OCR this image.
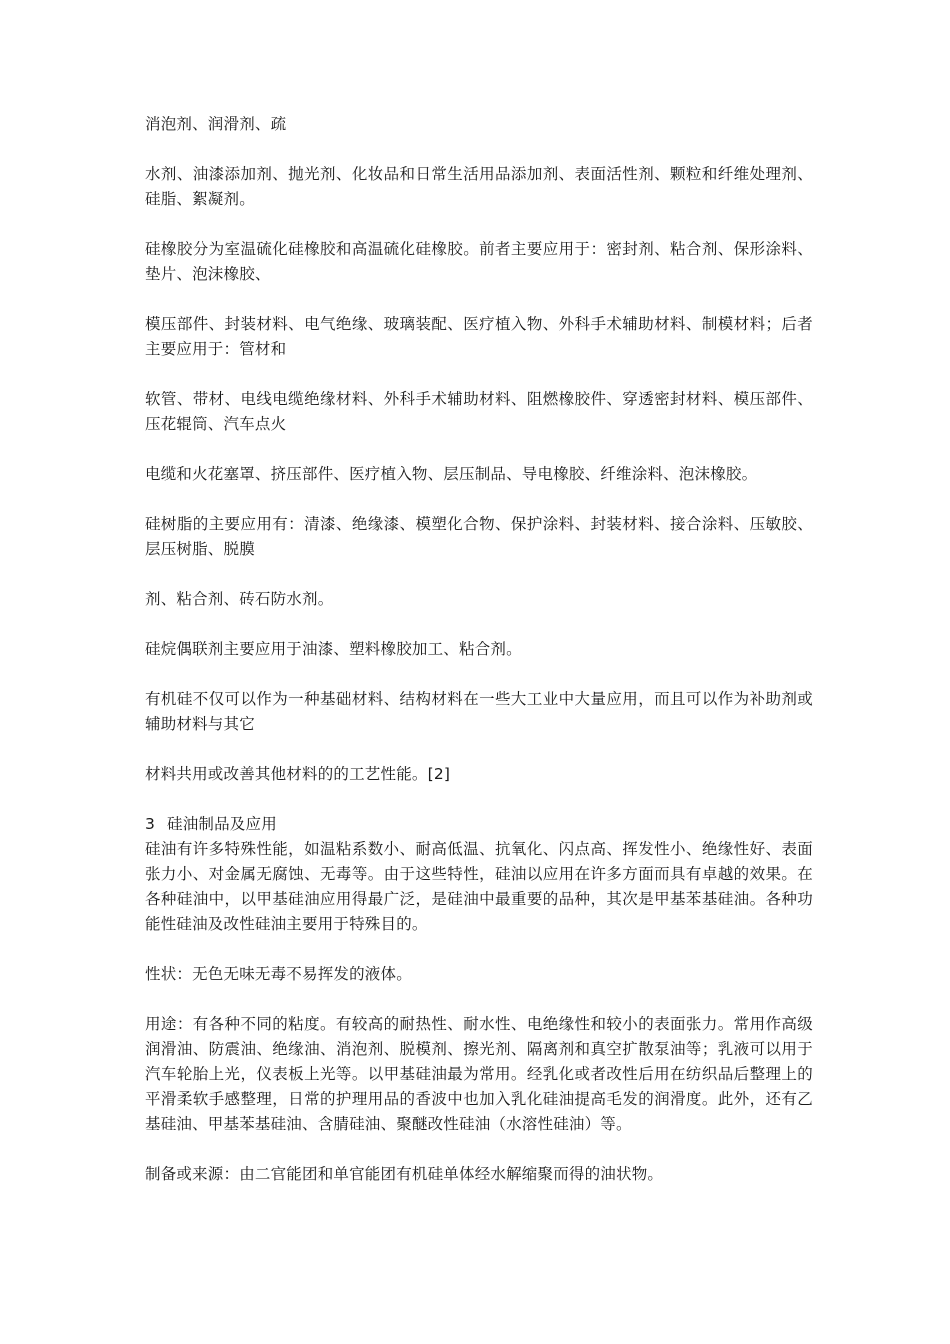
消泡剂、润滑剂、疏

水剂、油漆添加剂、抛光剂、化妆品和日常生活用品添加剂、表面活性剂、颗粒和纤维处理剂、硅脂、絮凝剂。

硅橡胶分为室温硫化硅橡胶和高温硫化硅橡胶。前者主要应用于：密封剂、粘合剂、保形涂料、垫片、泡沫橡胶、

模压部件、封装材料、电气绝缘、玻璃装配、医疗植入物、外科手术辅助材料、制模材料；后者主要应用于：管材和

软管、带材、电线电缆绝缘材料、外科手术辅助材料、阻燃橡胶件、穿透密封材料、模压部件、压花辊筒、汽车点火

电缆和火花塞罩、挤压部件、医疗植入物、层压制品、导电橡胶、纤维涂料、泡沫橡胶。

硅树脂的主要应用有：清漆、绝缘漆、模塑化合物、保护涂料、封装材料、接合涂料、压敏胶、层压树脂、脱膜

剂、粘合剂、砖石防水剂。

硅烷偶联剂主要应用于油漆、塑料橡胶加工、粘合剂。

有机硅不仅可以作为一种基础材料、结构材料在一些大工业中大量应用，而且可以作为补助剂或辅助材料与其它

材料共用或改善其他材料的的工艺性能。[2]

3 硅油制品及应用

硅油有许多特殊性能，如温粘系数小、耐高低温、抗氧化、闪点高、挥发性小、绝缘性好、表面张力小、对金属无腐蚀、无毒等。由于这些特性，硅油以应用在许多方面而具有卓越的效果。在各种硅油中，以甲基硅油应用得最广泛，是硅油中最重要的品种，其次是甲基苯基硅油。各种功能性硅油及改性硅油主要用于特殊目的。

性状：无色无味无毒不易挥发的液体。

用途：有各种不同的粘度。有较高的耐热性、耐水性、电绝缘性和较小的表面张力。常用作高级润滑油、防震油、绝缘油、消泡剂、脱模剂、擦光剂、隔离剂和真空扩散泵油等；乳液可以用于汽车轮胎上光，仪表板上光等。以甲基硅油最为常用。经乳化或者改性后用在纺织品后整理上的平滑柔软手感整理，日常的护理用品的香波中也加入乳化硅油提高毛发的润滑度。此外，还有乙基硅油、甲基苯基硅油、含腈硅油、聚醚改性硅油（水溶性硅油）等。

制备或来源：由二官能团和单官能团有机硅单体经水解缩聚而得的油状物。
